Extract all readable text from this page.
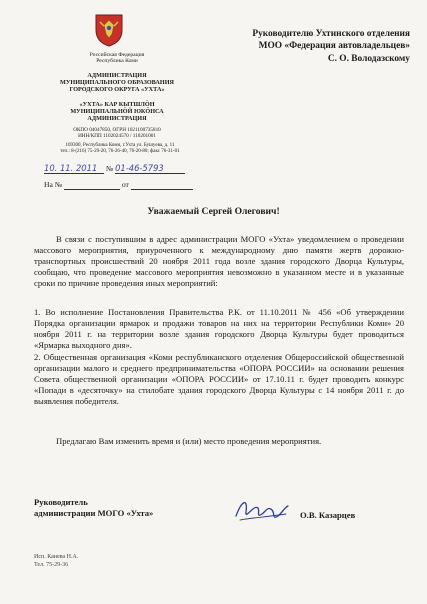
Российская Федерация
Республика Коми
АДМИНИСТРАЦИЯ
МУНИЦИПАЛЬНОГО ОБРАЗОВАНИЯ
ГОРОДСКОГО ОКРУГА «УХТА»
«УХТА» КАР КЫТШЛӦН
МУНИЦИПАЛЬНӦЙ ЮКӦНСА
АДМИНИСТРАЦИЯ
ОКПО 04047850, ОГРН 1021100735810
ИНН/КПП 1102024570 / 110201001
169300, Республика Коми, г.Ухта ул. Бушуева, д. 11
тел.: 8-(216) 75-29-20, 76-26-40, 76-20-80; факс 76-31-01
Руководителю Ухтинского отделения
МОО «Федерация автовладельцев»
С. О. Володазскому
10. 11. 2011 № 01-46-5793
На №	от
Уважаемый Сергей Олегович!
В связи с поступившим в адрес администрации МОГО «Ухта» уведомлением о проведении массового мероприятия, приуроченного к международному дню памяти жертв дорожно-транспортных происшествий 20 ноября 2011 года возле здания городского Дворца Культуры, сообщаю, что проведение массового мероприятия невозможно в указанном месте и в указанные сроки по причине проведения иных мероприятий:
1. Во исполнение Постановления Правительства Р.К. от 11.10.2011 № 456 «Об утверждении Порядка организации ярмарок и продажи товаров на них на территории Республики Коми» 20 ноября 2011 г. на территории возле здания городского Дворца Культуры будет проводиться «Ярмарка выходного дня».
2. Общественная организация «Коми республиканского отделения Общероссийской общественной организации малого и среднего предпринимательства «ОПОРА РОССИИ» на основании решения Совета общественной организации «ОПОРА РОССИИ» от 17.10.11 г. будет проводить конкурс «Попади в «десяточку» на стилобате здания городского Дворца Культуры с 14 ноября 2011 г. до выявления победителя.
Предлагаю Вам изменить время и (или) место проведения мероприятия.
Руководитель
администрации МОГО «Ухта»	О.В. Казарцев
Исп. Канева Н.А.
Тел. 75-29-36
